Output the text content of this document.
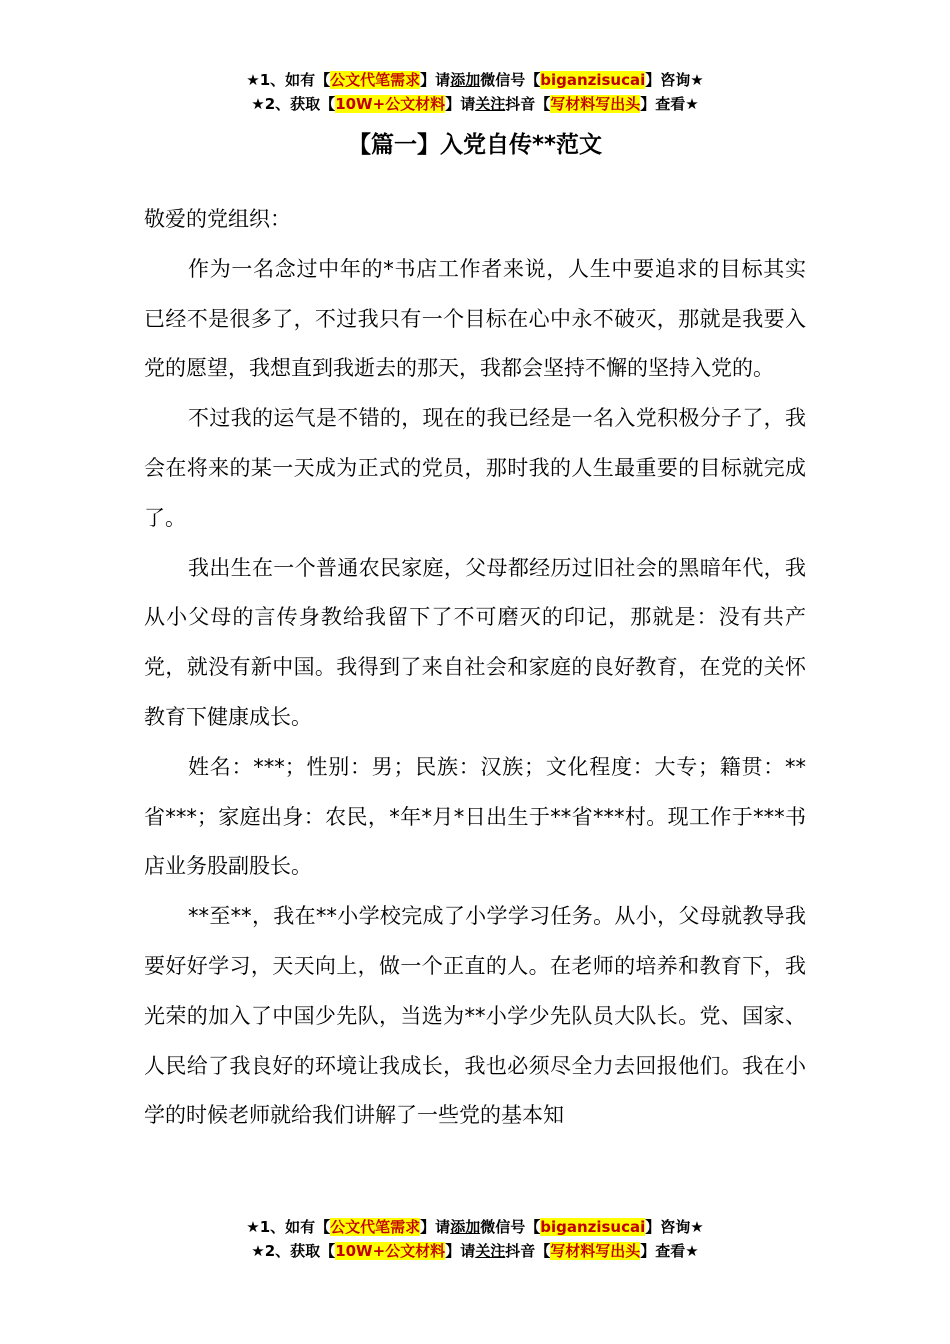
★1、如有【公文代笔需求】请添加微信号【biganzisucai】咨询★
★2、获取【10W+公文材料】请关注抖音【写材料写出头】查看★
【篇一】入党自传**范文

敬爱的党组织：

作为一名念过中年的*书店工作者来说，人生中要追求的目标其实已经不是很多了，不过我只有一个目标在心中永不破灭，那就是我要入党的愿望，我想直到我逝去的那天，我都会坚持不懈的坚持入党的。

不过我的运气是不错的，现在的我已经是一名入党积极分子了，我会在将来的某一天成为正式的党员，那时我的人生最重要的目标就完成了。

我出生在一个普通农民家庭，父母都经历过旧社会的黑暗年代，我从小父母的言传身教给我留下了不可磨灭的印记，那就是：没有共产党，就没有新中国。我得到了来自社会和家庭的良好教育，在党的关怀教育下健康成长。

姓名：***；性别：男；民族：汉族；文化程度：大专；籍贯：**省***；家庭出身：农民，*年*月*日出生于**省***村。现工作于***书店业务股副股长。

**至**，我在**小学校完成了小学学习任务。从小，父母就教导我要好好学习，天天向上，做一个正直的人。在老师的培养和教育下，我光荣的加入了中国少先队，当选为**小学少先队员大队长。党、国家、人民给了我良好的环境让我成长，我也必须尽全力去回报他们。我在小学的时候老师就给我们讲解了一些党的基本知

★1、如有【公文代笔需求】请添加微信号【biganzisucai】咨询★
★2、获取【10W+公文材料】请关注抖音【写材料写出头】查看★
